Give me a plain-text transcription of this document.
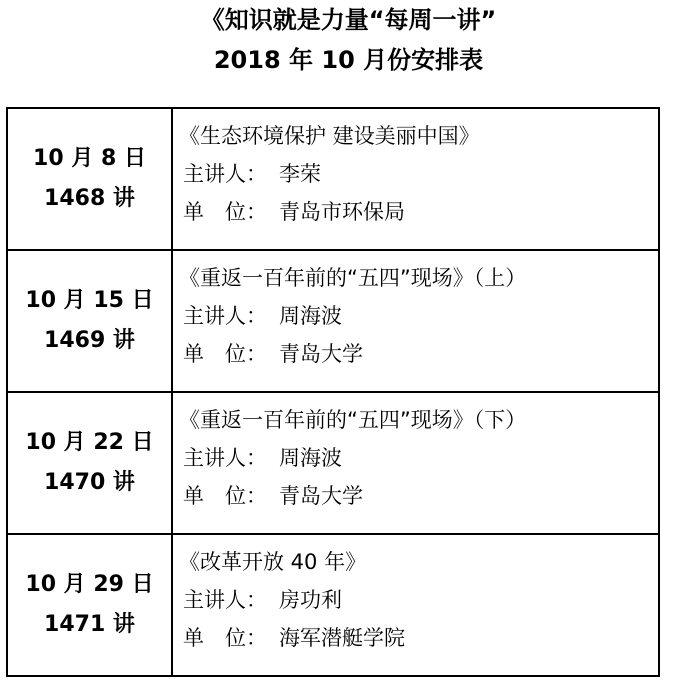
《知识就是力量“每周一讲”
2018 年 10 月份安排表
10 月 8 日
1468 讲	《生态环境保护 建设美丽中国》
主讲人： 李荣
单　位： 青岛市环保局

10 月 15 日
1469 讲	《重返一百年前的“五四”现场》（上）
主讲人： 周海波
单　位： 青岛大学

10 月 22 日
1470 讲	《重返一百年前的“五四”现场》（下）
主讲人： 周海波
单　位： 青岛大学

10 月 29 日
1471 讲	《改革开放 40 年》
主讲人： 房功利
单　位： 海军潜艇学院
